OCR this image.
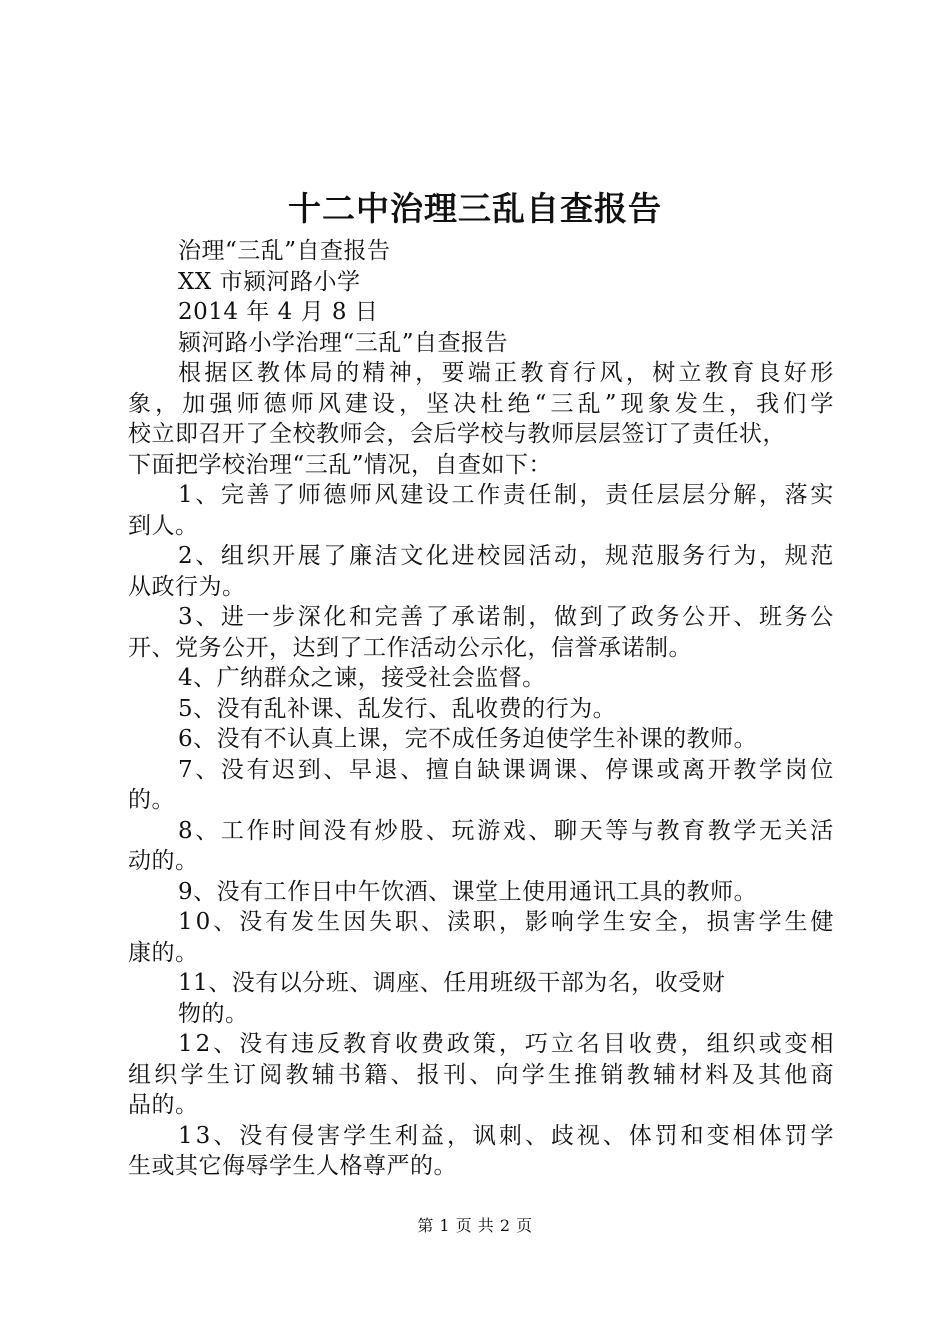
十二中治理三乱自查报告
治理“三乱”自查报告
XX 市颍河路小学
2014 年 4 月 8 日
颍河路小学治理“三乱”自查报告
根 据 区 教 体 局 的 精 神 ， 要 端 正 教 育 行 风 ， 树 立 教 育 良 好 形
象 ， 加 强 师 德 师 风 建 设 ， 坚 决 杜 绝 “ 三 乱 ” 现 象 发 生 ， 我 们 学
校立即召开了全校教师会，会后学校与教师层层签订了责任状，
下面把学校治理“三乱”情况，自查如下：
1 、 完 善 了 师 德 师 风 建 设 工 作 责 任 制 ， 责 任 层 层 分 解 ， 落 实
到人。
2 、 组 织 开 展 了 廉 洁 文 化 进 校 园 活 动 ， 规 范 服 务 行 为 ， 规 范
从政行为。
3 、 进 一 步 深 化 和 完 善 了 承 诺 制 ， 做 到 了 政 务 公 开 、 班 务 公
开、党务公开，达到了工作活动公示化，信誉承诺制。
4、广纳群众之谏，接受社会监督。
5、没有乱补课、乱发行、乱收费的行为。
6、没有不认真上课，完不成任务迫使学生补课的教师。
7 、 没 有 迟 到 、 早 退 、 擅 自 缺 课 调 课 、 停 课 或 离 开 教 学 岗 位
的。
8 、 工 作 时 间 没 有 炒 股 、 玩 游 戏 、 聊 天 等 与 教 育 教 学 无 关 活
动的。
9、没有工作日中午饮酒、课堂上使用通讯工具的教师。
1 0 、 没 有 发 生 因 失 职 、 渎 职 ， 影 响 学 生 安 全 ， 损 害 学 生 健
康的。
11、没有以分班、调座、任用班级干部为名，收受财
物的。
1 2 、 没 有 违 反 教 育 收 费 政 策 ， 巧 立 名 目 收 费 ， 组 织 或 变 相
组 织 学 生 订 阅 教 辅 书 籍 、 报 刊 、 向 学 生 推 销 教 辅 材 料 及 其 他 商
品的。
1 3 、 没 有 侵 害 学 生 利 益 ， 讽 刺 、 歧 视 、 体 罚 和 变 相 体 罚 学
生或其它侮辱学生人格尊严的。
第 1 页 共 2 页
